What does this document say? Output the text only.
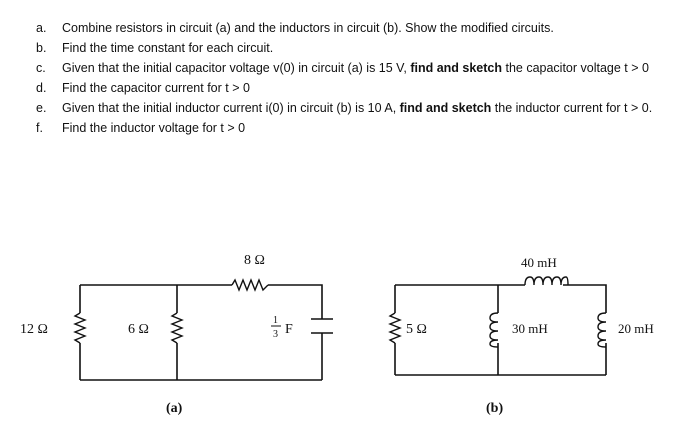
a. Combine resistors in circuit (a) and the inductors in circuit (b). Show the modified circuits.
b. Find the time constant for each circuit.
c. Given that the initial capacitor voltage v(0) in circuit (a) is 15 V, find and sketch the capacitor voltage t > 0
d. Find the capacitor current for t > 0
e. Given that the initial inductor current i(0) in circuit (b) is 10 A, find and sketch the inductor current for t > 0.
f. Find the inductor voltage for t > 0
8 Ω
12 Ω	6 Ω
1
3 F
(a)
40 mH
5 Ω	30 mH	20 mH
(b)
